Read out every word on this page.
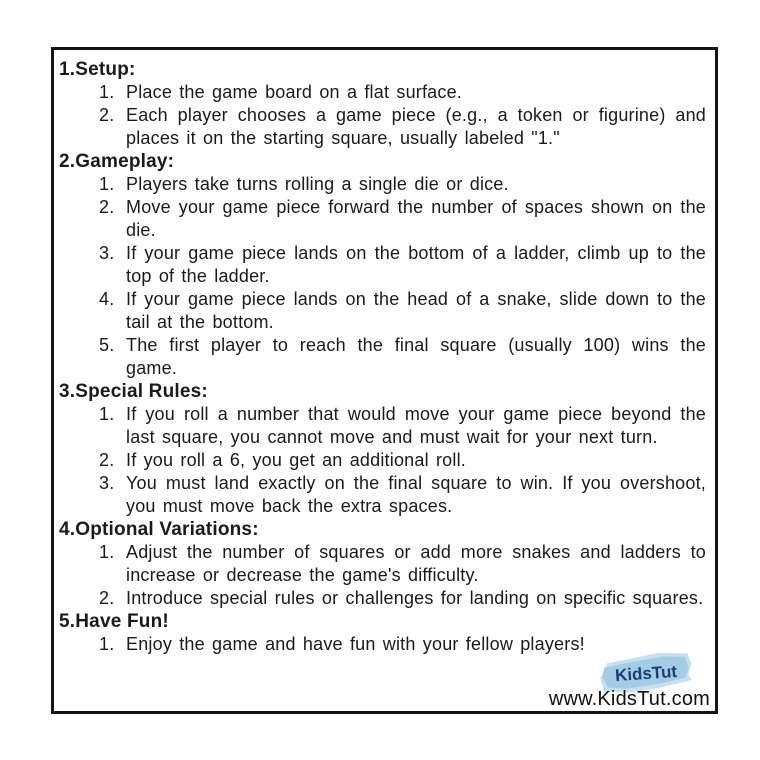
1.Setup:
1. Place the game board on a flat surface.
2. Each player chooses a game piece (e.g., a token or figurine) and places it on the starting square, usually labeled "1."
2.Gameplay:
1. Players take turns rolling a single die or dice.
2. Move your game piece forward the number of spaces shown on the die.
3. If your game piece lands on the bottom of a ladder, climb up to the top of the ladder.
4. If your game piece lands on the head of a snake, slide down to the tail at the bottom.
5. The first player to reach the final square (usually 100) wins the game.
3.Special Rules:
1. If you roll a number that would move your game piece beyond the last square, you cannot move and must wait for your next turn.
2. If you roll a 6, you get an additional roll.
3. You must land exactly on the final square to win. If you overshoot, you must move back the extra spaces.
4.Optional Variations:
1. Adjust the number of squares or add more snakes and ladders to increase or decrease the game's difficulty.
2. Introduce special rules or challenges for landing on specific squares.
5.Have Fun!
1. Enjoy the game and have fun with your fellow players!
KidsTut
www.KidsTut.com
